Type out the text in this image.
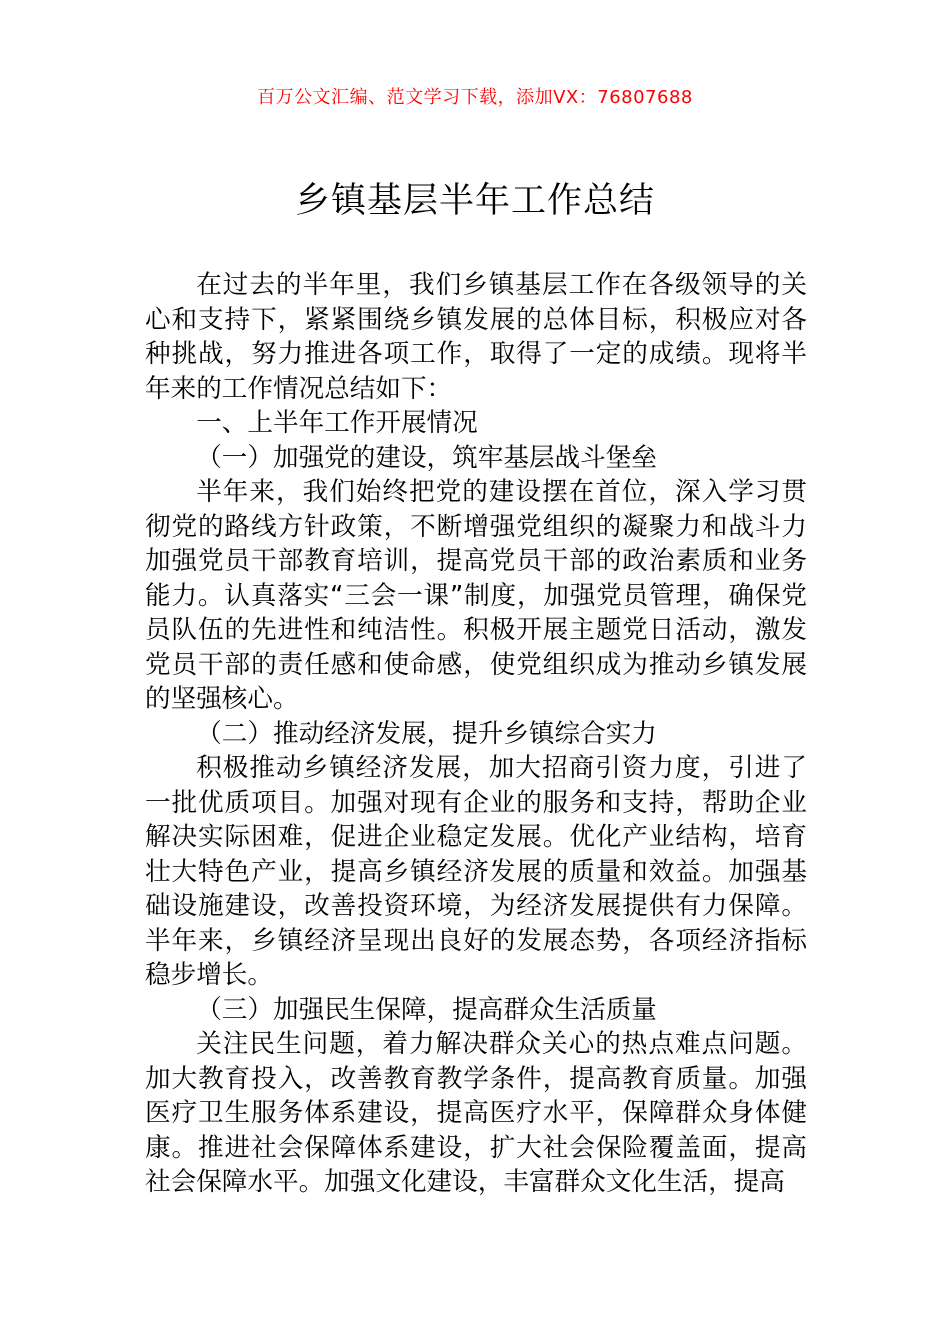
百万公文汇编、范文学习下载，添加VX：76807688
乡镇基层半年工作总结

在过去的半年里，我们乡镇基层工作在各级领导的关心和支持下，紧紧围绕乡镇发展的总体目标，积极应对各种挑战，努力推进各项工作，取得了一定的成绩。现将半年来的工作情况总结如下：

一、上半年工作开展情况

（一）加强党的建设，筑牢基层战斗堡垒

半年来，我们始终把党的建设摆在首位，深入学习贯彻党的路线方针政策，不断增强党组织的凝聚力和战斗力加强党员干部教育培训，提高党员干部的政治素质和业务能力。认真落实“三会一课”制度，加强党员管理，确保党员队伍的先进性和纯洁性。积极开展主题党日活动，激发党员干部的责任感和使命感，使党组织成为推动乡镇发展的坚强核心。

（二）推动经济发展，提升乡镇综合实力

积极推动乡镇经济发展，加大招商引资力度，引进了一批优质项目。加强对现有企业的服务和支持，帮助企业解决实际困难，促进企业稳定发展。优化产业结构，培育壮大特色产业，提高乡镇经济发展的质量和效益。加强基础设施建设，改善投资环境，为经济发展提供有力保障。半年来，乡镇经济呈现出良好的发展态势，各项经济指标稳步增长。

（三）加强民生保障，提高群众生活质量

关注民生问题，着力解决群众关心的热点难点问题。加大教育投入，改善教育教学条件，提高教育质量。加强医疗卫生服务体系建设，提高医疗水平，保障群众身体健康。推进社会保障体系建设，扩大社会保险覆盖面，提高社会保障水平。加强文化建设，丰富群众文化生活，提高
